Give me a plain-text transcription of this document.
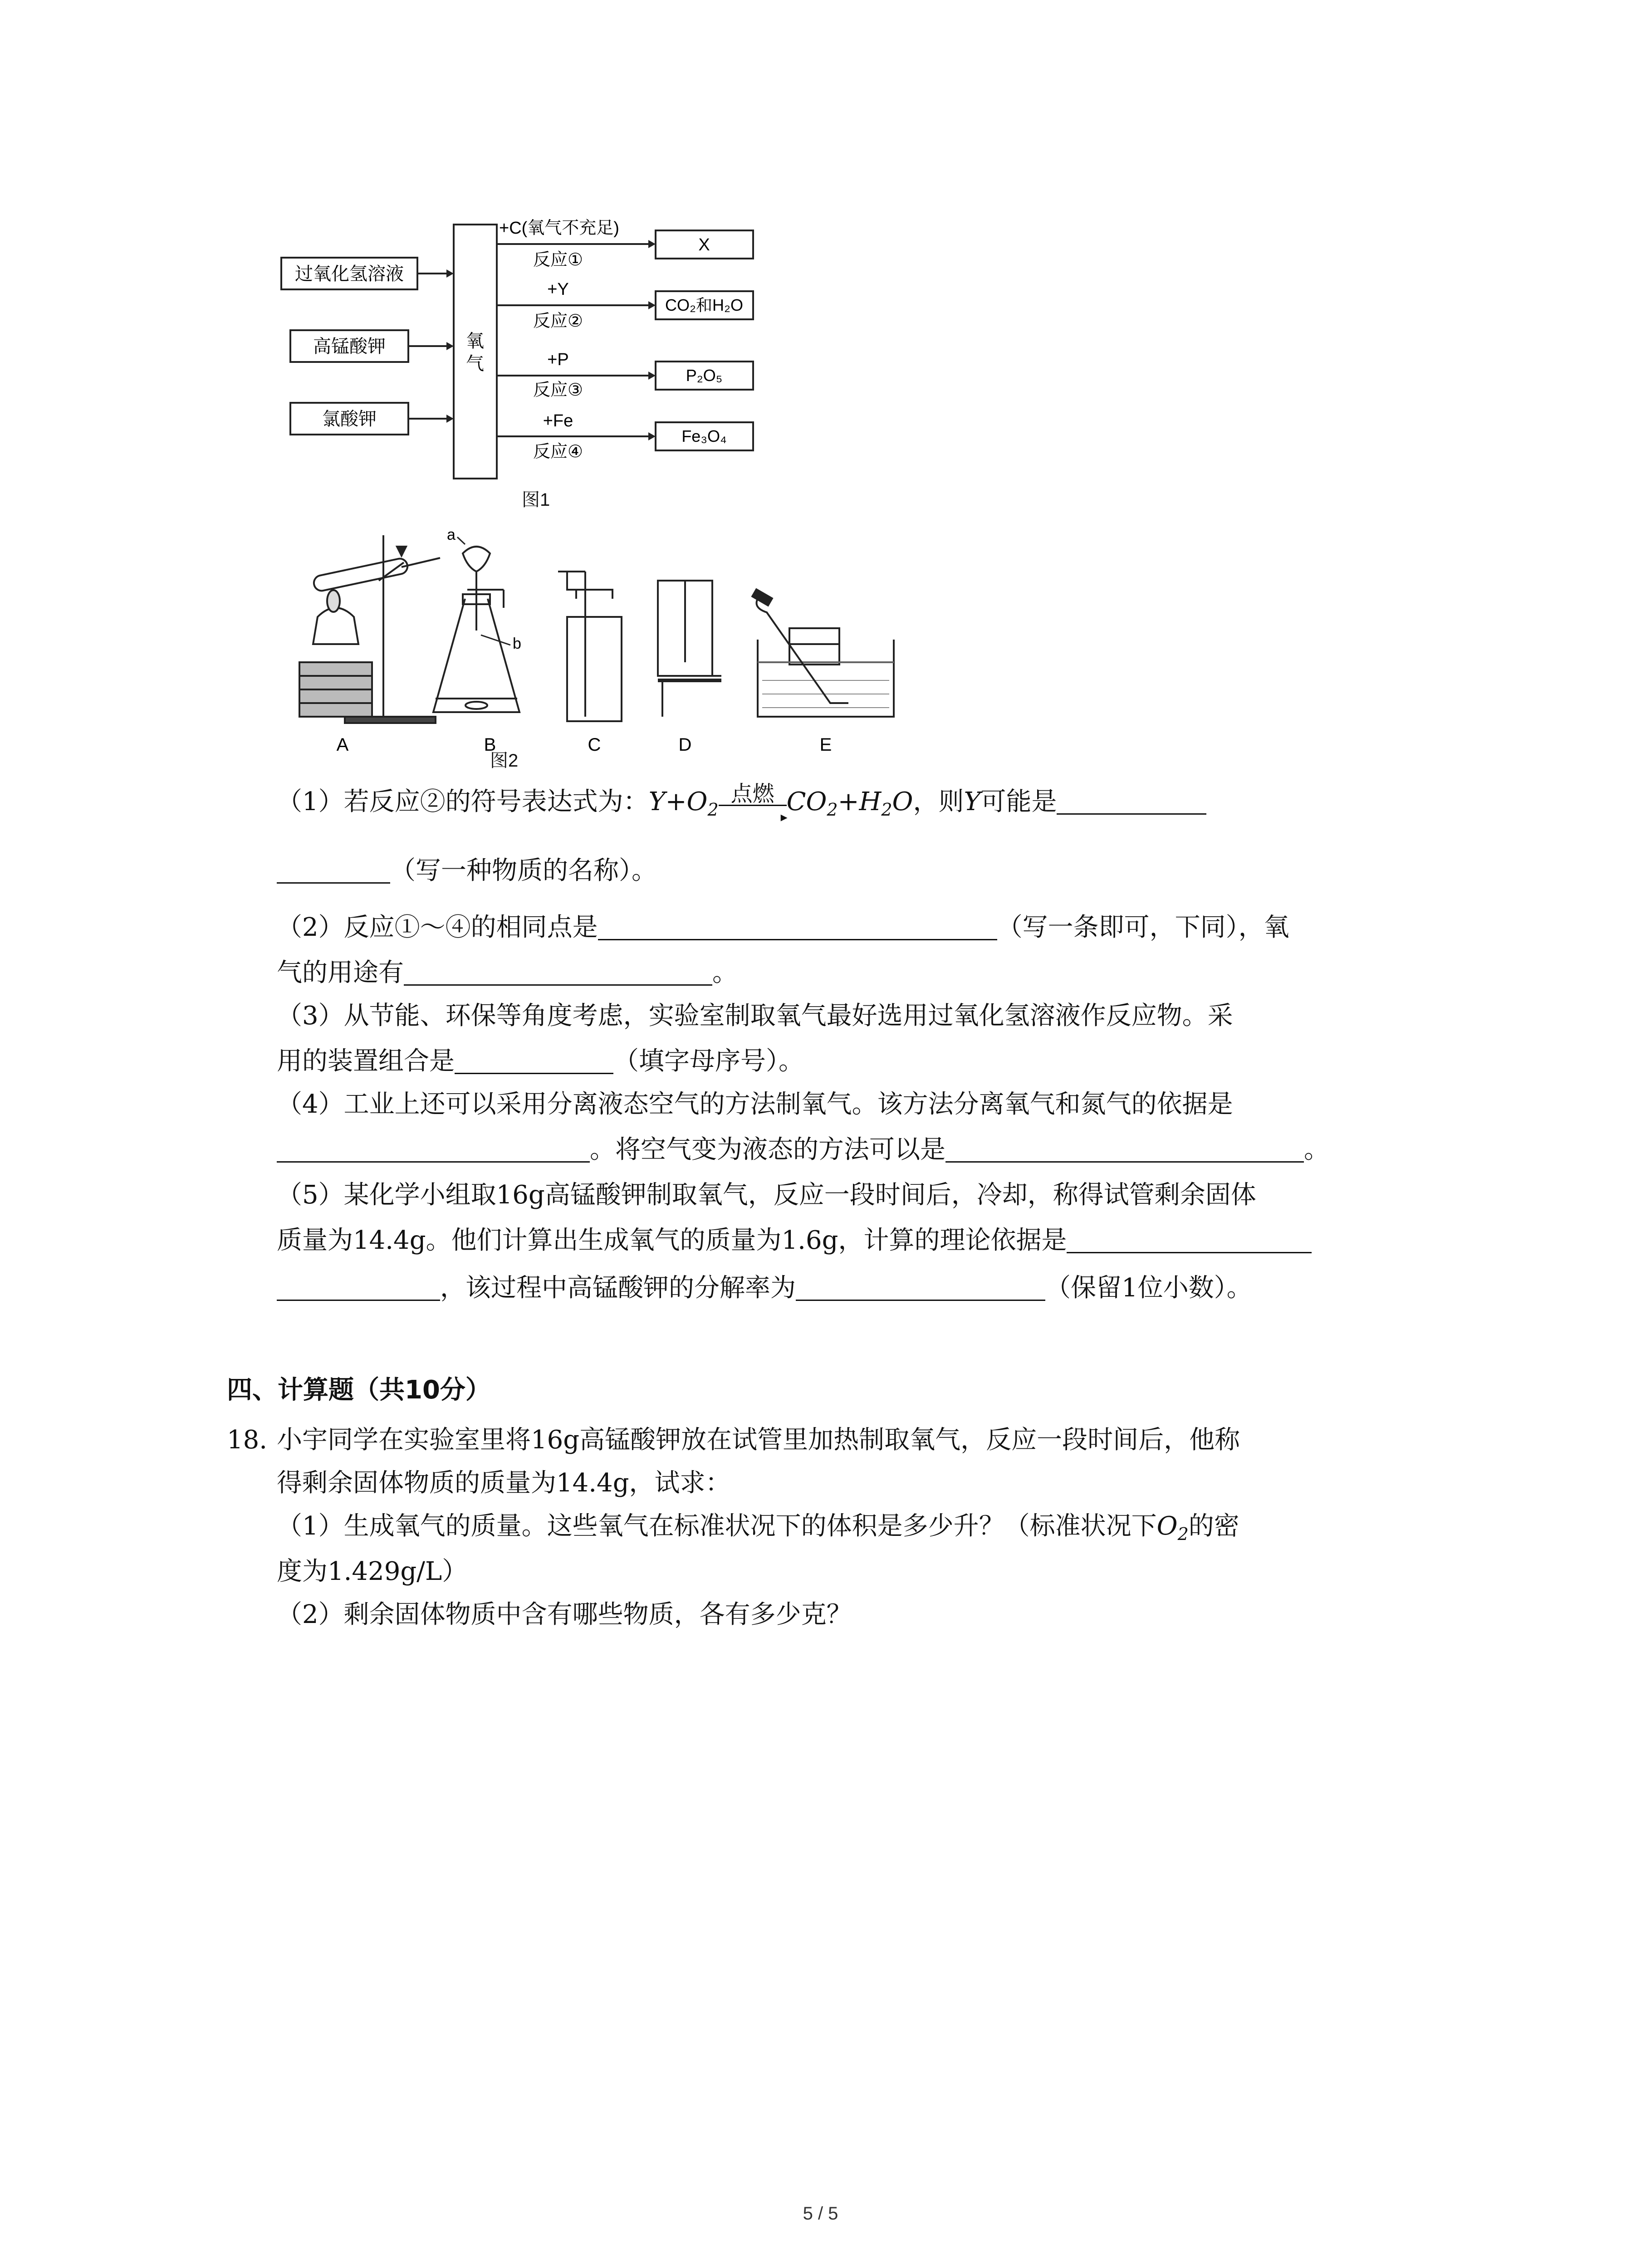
过氧化氢溶液
高锰酸钾
氯酸钾
氧
气
+C(氧气不充足)
反应①
+Y
反应②
+P
反应③
+Fe
反应④
X
CO₂和H₂O
P₂O₅
Fe₃O₄
图1
A
a
b
B	C	D	E
图2
（1）若反应②的符号表达式为：$Y+O_2$
点燃
▸
$CO_2+H_2O$，则Y可能是
（写一种物质的名称）。
（2）反应①～④的相同点是	（写一条即可，下同），氧
气的用途有	。
（3）从节能、环保等角度考虑，实验室制取氧气最好选用过氧化氢溶液作反应物。采
用的装置组合是	（填字母序号）。
（4）工业上还可以采用分离液态空气的方法制氧气。该方法分离氧气和氮气的依据是
。将空气变为液态的方法可以是	。
（5）某化学小组取16g高锰酸钾制取氧气，反应一段时间后，冷却，称得试管剩余固体
质量为14.4g。他们计算出生成氧气的质量为1.6g，计算的理论依据是
，该过程中高锰酸钾的分解率为	（保留1位小数）。
四、计算题（共10分）
18. 小宇同学在实验室里将16g高锰酸钾放在试管里加热制取氧气，反应一段时间后，他称
得剩余固体物质的质量为14.4g，试求：
（1）生成氧气的质量。这些氧气在标准状况下的体积是多少升？（标准状况下$O_2$的密
度为1.429g/L）
（2）剩余固体物质中含有哪些物质，各有多少克？
5 / 5
